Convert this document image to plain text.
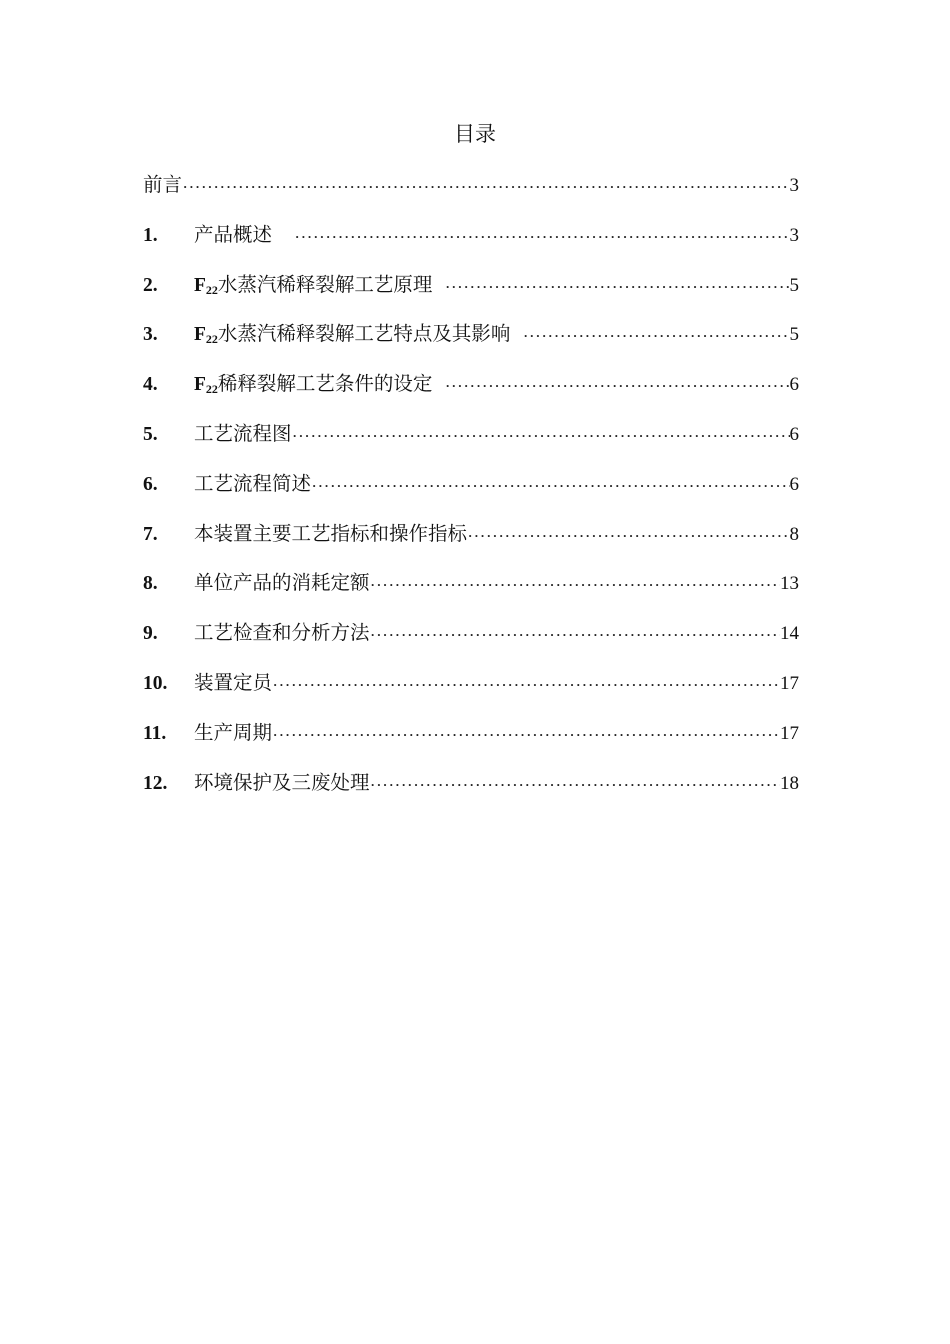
目录
前言 · · ·	3
1.	产品概述 · · ·	3
2.	$F_{22}$ 水蒸汽稀释裂解工艺原理 · · ·	5
3.	$F_{22}$ 水蒸汽稀释裂解工艺特点及其影响 · · ·	5
4.	$F_{22}$ 稀释裂解工艺条件的设定 · · ·	6
5.	工艺流程图 · · ·	6
6.	工艺流程简述 · · ·	6
7.	本装置主要工艺指标和操作指标 · · ·	8
8.	单位产品的消耗定额 · · ·	13
9.	工艺检查和分析方法 · · ·	14
10.	装置定员 · · ·	17
11.	生产周期 · · ·	17
12.	环境保护及三废处理 · · ·	18
